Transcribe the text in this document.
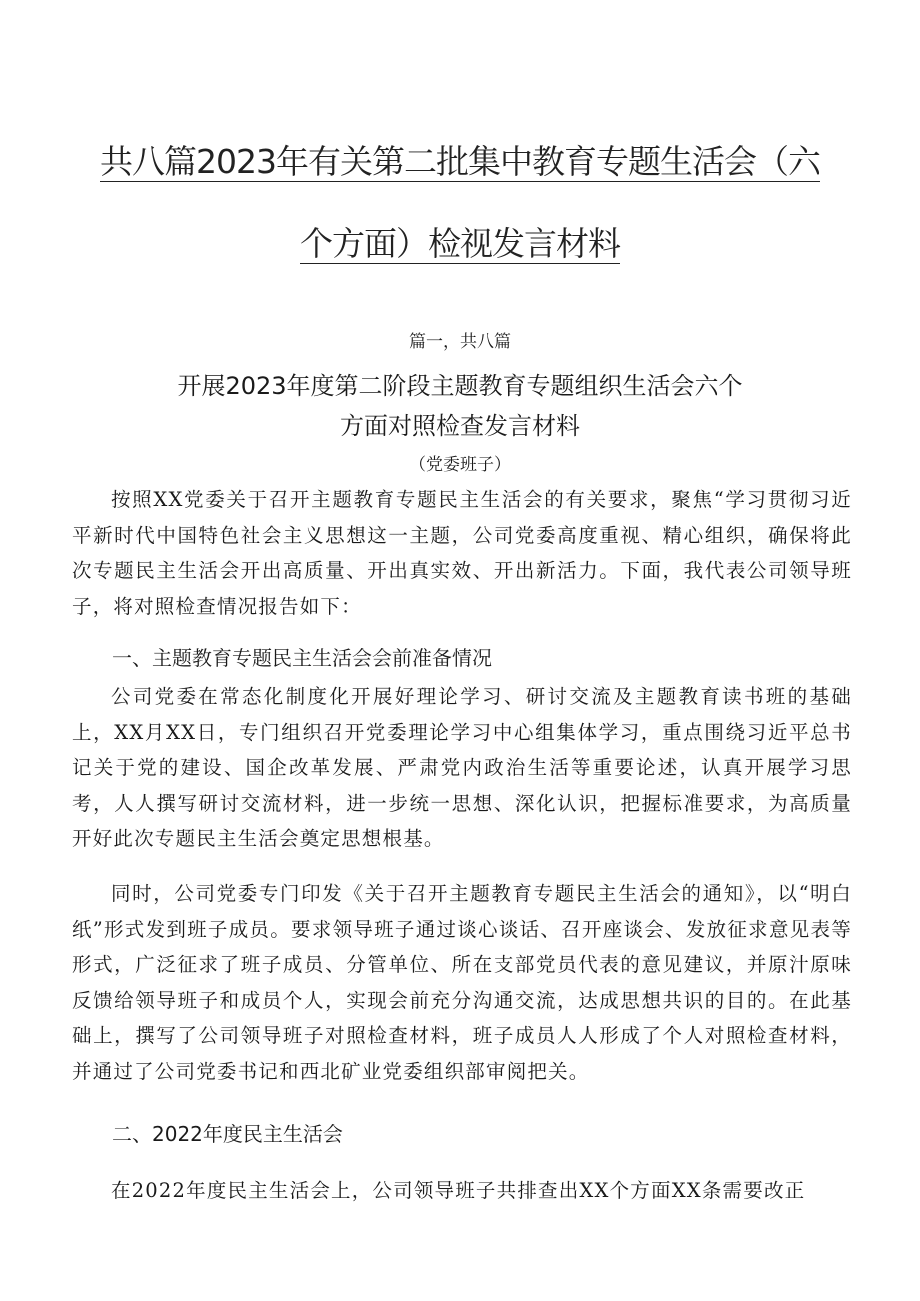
共八篇2023年有关第二批集中教育专题生活会（六
个方面）检视发言材料
篇一，共八篇
开展2023年度第二阶段主题教育专题组织生活会六个
方面对照检查发言材料
（党委班子）
按照XX党委关于召开主题教育专题民主生活会的有关要求，聚焦“学习贯彻习近平新时代中国特色社会主义思想这一主题，公司党委高度重视、精心组织，确保将此次专题民主生活会开出高质量、开出真实效、开出新活力。下面，我代表公司领导班子，将对照检查情况报告如下：
一、主题教育专题民主生活会会前准备情况
公司党委在常态化制度化开展好理论学习、研讨交流及主题教育读书班的基础上，XX月XX日，专门组织召开党委理论学习中心组集体学习，重点围绕习近平总书记关于党的建设、国企改革发展、严肃党内政治生活等重要论述，认真开展学习思考，人人撰写研讨交流材料，进一步统一思想、深化认识，把握标准要求，为高质量开好此次专题民主生活会奠定思想根基。
同时，公司党委专门印发《关于召开主题教育专题民主生活会的通知》，以“明白纸”形式发到班子成员。要求领导班子通过谈心谈话、召开座谈会、发放征求意见表等形式，广泛征求了班子成员、分管单位、所在支部党员代表的意见建议，并原汁原味反馈给领导班子和成员个人，实现会前充分沟通交流，达成思想共识的目的。在此基础上，撰写了公司领导班子对照检查材料，班子成员人人形成了个人对照检查材料，并通过了公司党委书记和西北矿业党委组织部审阅把关。
二、2022年度民主生活会
在2022年度民主生活会上，公司领导班子共排查出XX个方面XX条需要改正
